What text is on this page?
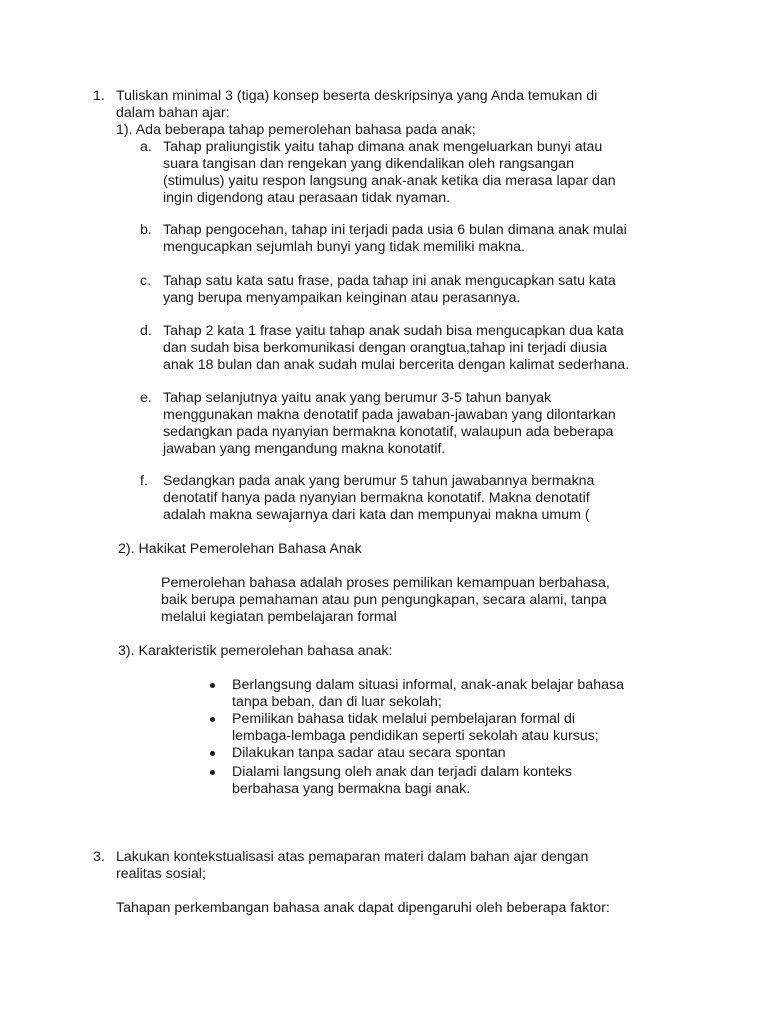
1. Tuliskan minimal 3 (tiga) konsep beserta deskripsinya yang Anda temukan di
dalam bahan ajar:
1). Ada beberapa tahap pemerolehan bahasa pada anak;
a. Tahap praliungistik yaitu tahap dimana anak mengeluarkan bunyi atau
suara tangisan dan rengekan yang dikendalikan oleh rangsangan
(stimulus) yaitu respon langsung anak-anak ketika dia merasa lapar dan
ingin digendong atau perasaan tidak nyaman.
b. Tahap pengocehan, tahap ini terjadi pada usia 6 bulan dimana anak mulai
mengucapkan sejumlah bunyi yang tidak memiliki makna.
c. Tahap satu kata satu frase, pada tahap ini anak mengucapkan satu kata
yang berupa menyampaikan keinginan atau perasannya.
d. Tahap 2 kata 1 frase yaitu tahap anak sudah bisa mengucapkan dua kata
dan sudah bisa berkomunikasi dengan orangtua,tahap ini terjadi diusia
anak 18 bulan dan anak sudah mulai bercerita dengan kalimat sederhana.
e. Tahap selanjutnya yaitu anak yang berumur 3-5 tahun banyak
menggunakan makna denotatif pada jawaban-jawaban yang dilontarkan
sedangkan pada nyanyian bermakna konotatif, walaupun ada beberapa
jawaban yang mengandung makna konotatif.
f. Sedangkan pada anak yang berumur 5 tahun jawabannya bermakna
denotatif hanya pada nyanyian bermakna konotatif. Makna denotatif
adalah makna sewajarnya dari kata dan mempunyai makna umum (
2). Hakikat Pemerolehan Bahasa Anak
Pemerolehan bahasa adalah proses pemilikan kemampuan berbahasa,
baik berupa pemahaman atau pun pengungkapan, secara alami, tanpa
melalui kegiatan pembelajaran formal
3). Karakteristik pemerolehan bahasa anak:
Berlangsung dalam situasi informal, anak-anak belajar bahasa
tanpa beban, dan di luar sekolah;
Pemilikan bahasa tidak melalui pembelajaran formal di
lembaga-lembaga pendidikan seperti sekolah atau kursus;
Dilakukan tanpa sadar atau secara spontan
Dialami langsung oleh anak dan terjadi dalam konteks
berbahasa yang bermakna bagi anak.
3. Lakukan kontekstualisasi atas pemaparan materi dalam bahan ajar dengan
realitas sosial;
Tahapan perkembangan bahasa anak dapat dipengaruhi oleh beberapa faktor:
